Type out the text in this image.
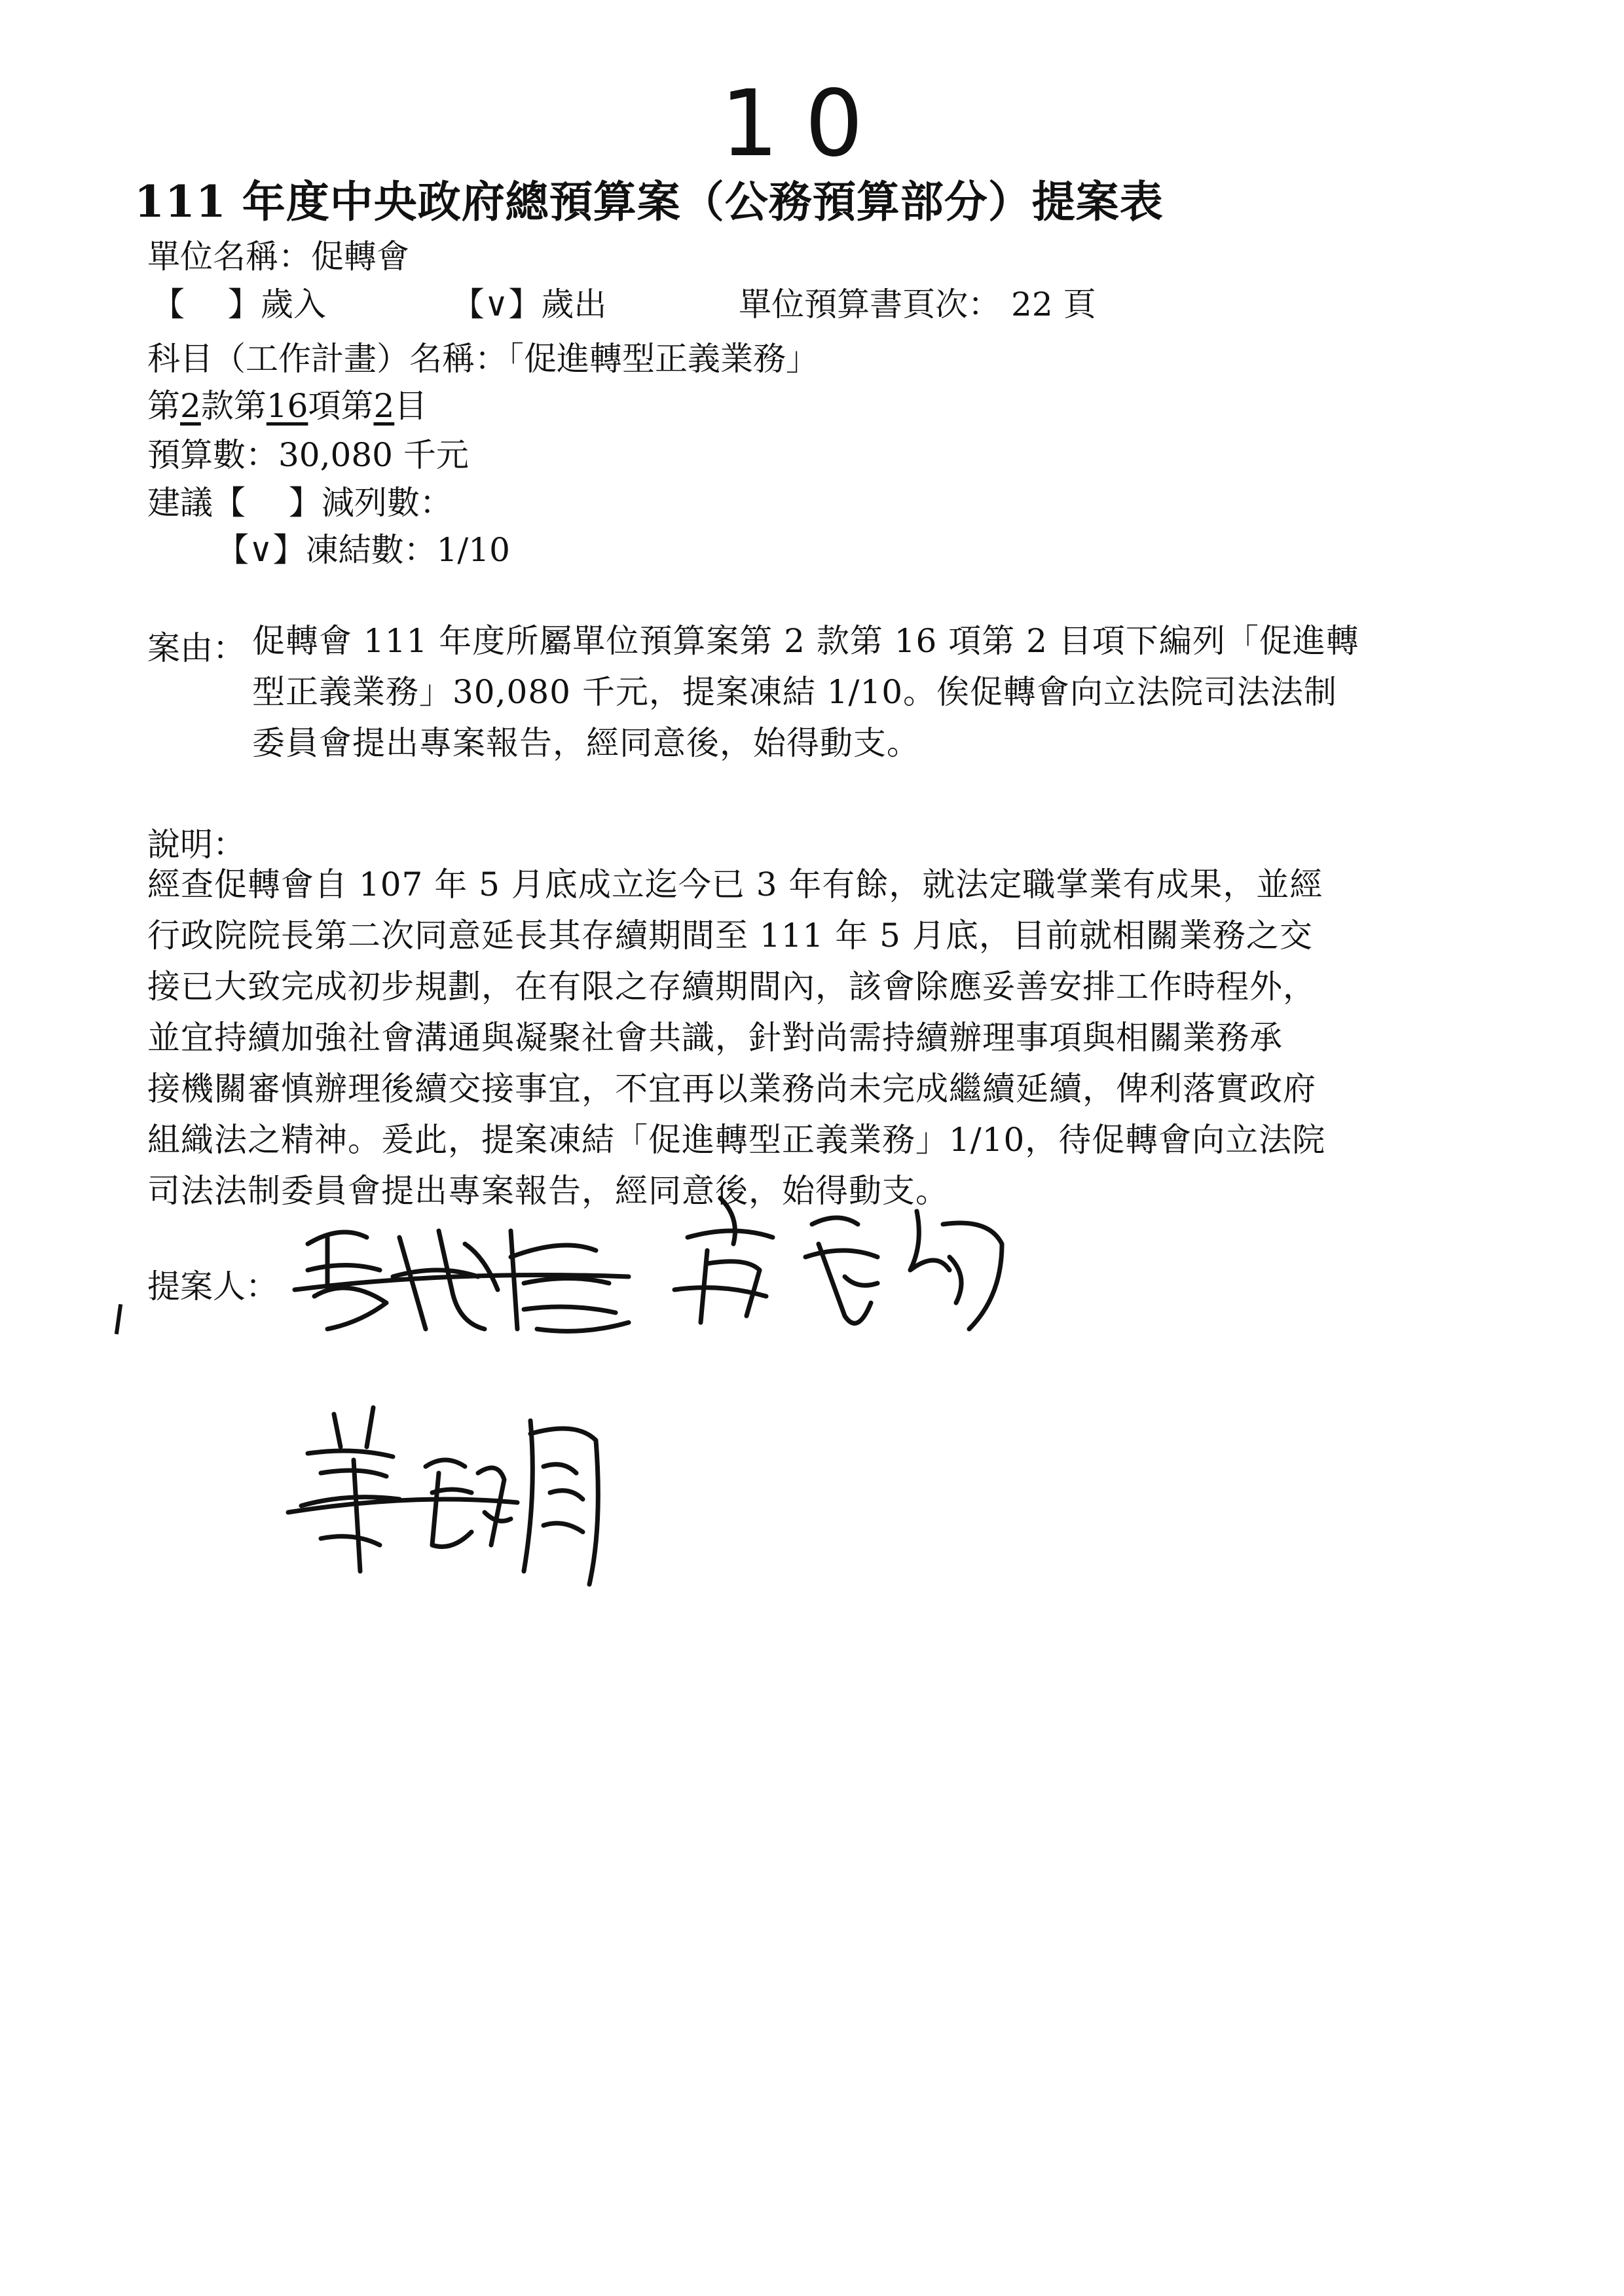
10
111 年度中央政府總預算案（公務預算部分）提案表
單位名稱：促轉會
【　 】歲入	【∨】歲出	單位預算書頁次： 22 頁
科目（工作計畫）名稱：「促進轉型正義業務」
第2款第16項第2目
預算數：30,080 千元
建議【　 】減列數：
【∨】凍結數：1/10
案由： 促轉會 111 年度所屬單位預算案第 2 款第 16 項第 2 目項下編列「促進轉
型正義業務」30,080 千元，提案凍結 1/10。俟促轉會向立法院司法法制
委員會提出專案報告，經同意後，始得動支。
說明：
經查促轉會自 107 年 5 月底成立迄今已 3 年有餘，就法定職掌業有成果，並經
行政院院長第二次同意延長其存續期間至 111 年 5 月底，目前就相關業務之交
接已大致完成初步規劃，在有限之存續期間內，該會除應妥善安排工作時程外，
並宜持續加強社會溝通與凝聚社會共識，針對尚需持續辦理事項與相關業務承
接機關審慎辦理後續交接事宜，不宜再以業務尚未完成繼續延續，俾利落實政府
組織法之精神。爰此，提案凍結「促進轉型正義業務」1/10，待促轉會向立法院
司法法制委員會提出專案報告，經同意後，始得動支。
提案人：
